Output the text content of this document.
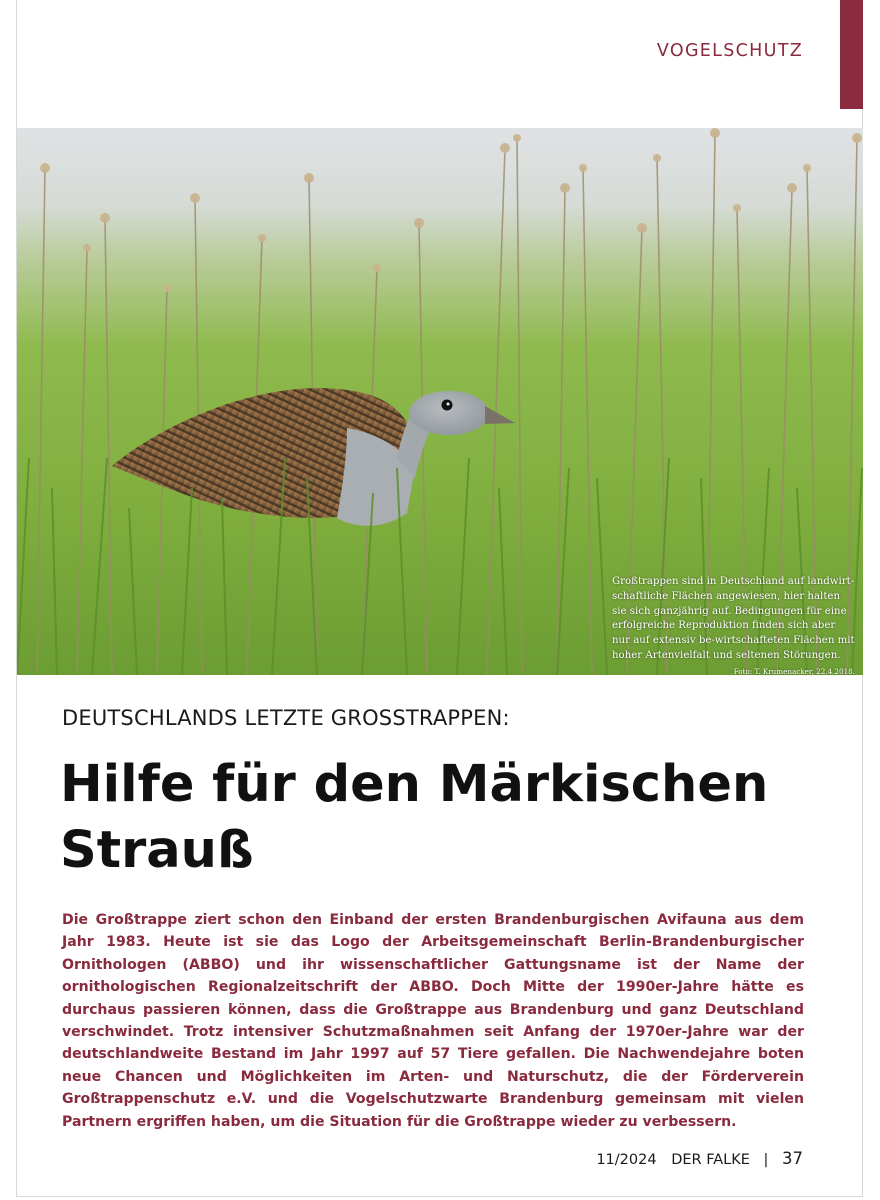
VOGELSCHUTZ
Großtrappen sind in Deutschland auf landwirt-schaftliche Flächen angewiesen, hier halten sie sich ganzjährig auf. Bedingungen für eine erfolgreiche Reproduktion finden sich aber nur auf extensiv be-wirtschafteten Flächen mit hoher Artenvielfalt und seltenen Störungen.
Foto: T. Krumenacker, 22.4.2018.
DEUTSCHLANDS LETZTE GROSSTRAPPEN:
Hilfe für den Märkischen
Strauß

Die Großtrappe ziert schon den Einband der ersten Brandenburgischen Avifauna aus dem Jahr 1983. Heute ist sie das Logo der Arbeitsgemeinschaft Berlin-Brandenburgischer Ornithologen (ABBO) und ihr wissenschaftlicher Gattungsname ist der Name der ornithologischen Regionalzeitschrift der ABBO. Doch Mitte der 1990er-Jahre hätte es durchaus passieren können, dass die Großtrappe aus Brandenburg und ganz Deutschland verschwindet. Trotz intensiver Schutzmaßnahmen seit Anfang der 1970er-Jahre war der deutschlandweite Bestand im Jahr 1997 auf 57 Tiere gefallen. Die Nachwendejahre boten neue Chancen und Möglichkeiten im Arten- und Naturschutz, die der Förderverein Großtrappenschutz e.V. und die Vogelschutzwarte Brandenburg gemeinsam mit vielen Partnern ergriffen haben, um die Situation für die Großtrappe wieder zu verbessern.

11/2024 DER FALKE | 37
